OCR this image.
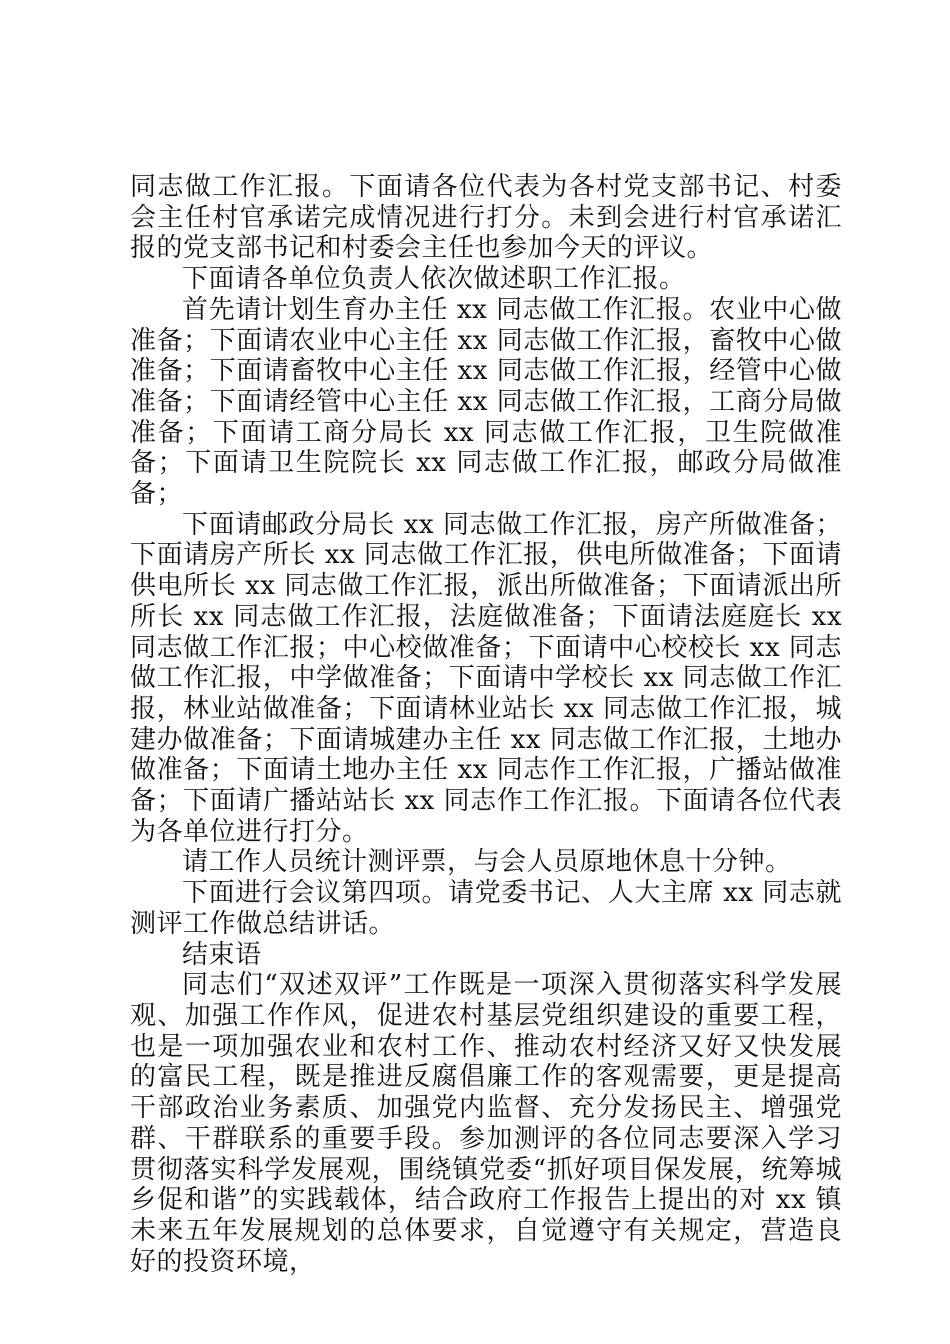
同志做工作汇报。下面请各位代表为各村党支部书记、村委会主任村官承诺完成情况进行打分。未到会进行村官承诺汇报的党支部书记和村委会主任也参加今天的评议。

下面请各单位负责人依次做述职工作汇报。

首先请计划生育办主任 xx 同志做工作汇报。农业中心做准备；下面请农业中心主任 xx 同志做工作汇报，畜牧中心做准备；下面请畜牧中心主任 xx 同志做工作汇报，经管中心做准备；下面请经管中心主任 xx 同志做工作汇报，工商分局做准备；下面请工商分局长 xx 同志做工作汇报，卫生院做准备；下面请卫生院院长 xx 同志做工作汇报，邮政分局做准备；

下面请邮政分局长 xx 同志做工作汇报，房产所做准备；下面请房产所长 xx 同志做工作汇报，供电所做准备；下面请供电所长 xx 同志做工作汇报，派出所做准备；下面请派出所所长 xx 同志做工作汇报，法庭做准备；下面请法庭庭长 xx 同志做工作汇报；中心校做准备；下面请中心校校长 xx 同志做工作汇报，中学做准备；下面请中学校长 xx 同志做工作汇报，林业站做准备；下面请林业站长 xx 同志做工作汇报，城建办做准备；下面请城建办主任 xx 同志做工作汇报，土地办做准备；下面请土地办主任 xx 同志作工作汇报，广播站做准备；下面请广播站站长 xx 同志作工作汇报。下面请各位代表为各单位进行打分。

请工作人员统计测评票，与会人员原地休息十分钟。

下面进行会议第四项。请党委书记、人大主席 xx 同志就测评工作做总结讲话。

结束语

同志们“双述双评”工作既是一项深入贯彻落实科学发展观、加强工作作风，促进农村基层党组织建设的重要工程，也是一项加强农业和农村工作、推动农村经济又好又快发展的富民工程，既是推进反腐倡廉工作的客观需要，更是提高干部政治业务素质、加强党内监督、充分发扬民主、增强党群、干群联系的重要手段。参加测评的各位同志要深入学习贯彻落实科学发展观，围绕镇党委“抓好项目保发展，统筹城乡促和谐”的实践载体，结合政府工作报告上提出的对 xx 镇未来五年发展规划的总体要求，自觉遵守有关规定，营造良好的投资环境，
